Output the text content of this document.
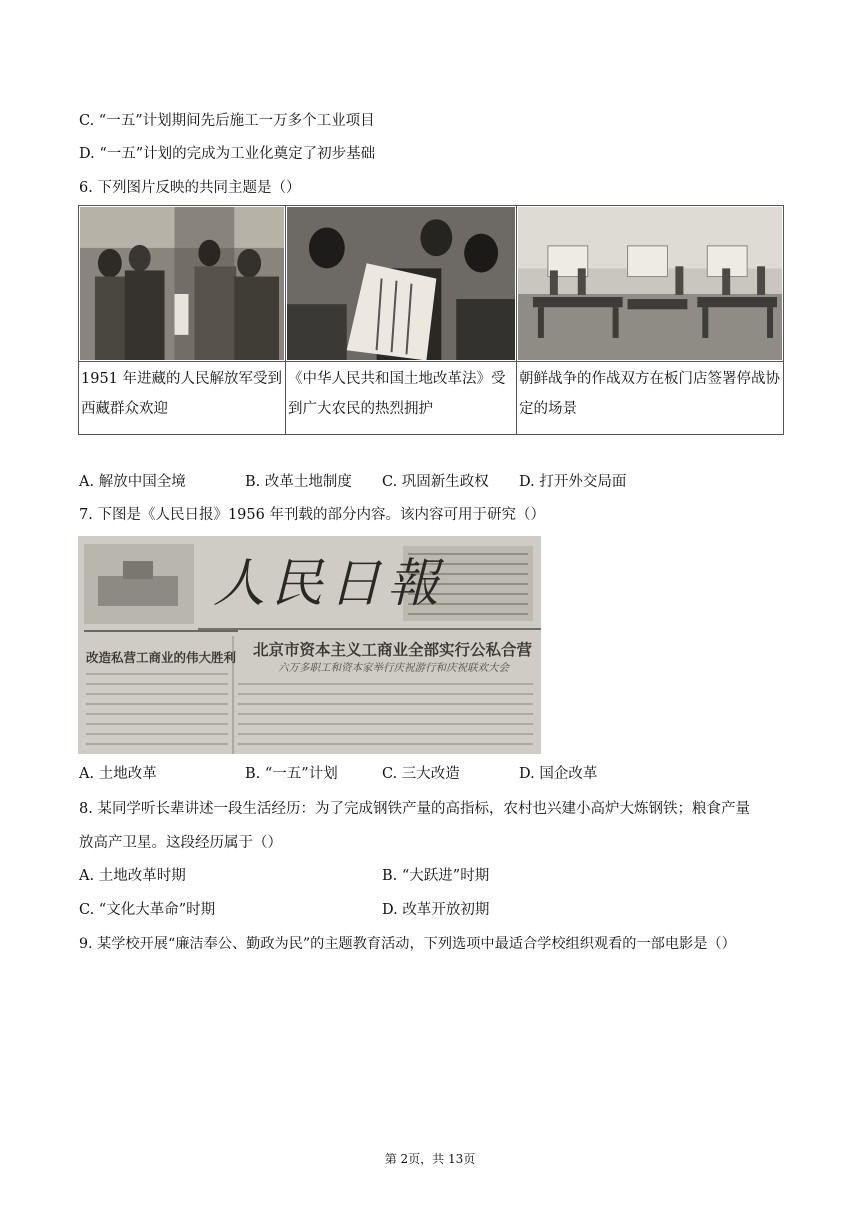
C. “一五”计划期间先后施工一万多个工业项目
D. “一五”计划的完成为工业化奠定了初步基础
6. 下列图片反映的共同主题是（）

1951 年进藏的人民解放军受到西藏群众欢迎	《中华人民共和国土地改革法》受到广大农民的热烈拥护	朝鲜战争的作战双方在板门店签署停战协定的场景
A. 解放中国全境	B. 改革土地制度 C. 巩固新生政权 D. 打开外交局面
7. 下图是《人民日报》1956 年刊载的部分内容。该内容可用于研究（）
人民日報
北京市资本主义工商业全部实行公私合营
六万多职工和资本家举行庆祝游行和庆祝联欢大会
改造私营工商业的伟大胜利
A. 土地改革	B. “一五”计划	C. 三大改造	D. 国企改革
8. 某同学听长辈讲述一段生活经历：为了完成钢铁产量的高指标，农村也兴建小高炉大炼钢铁；粮食产量
放高产卫星。这段经历属于（）
A. 土地改革时期	B. “大跃进”时期
C. “文化大革命”时期	D. 改革开放初期
9. 某学校开展“廉洁奉公、勤政为民”的主题教育活动，下列选项中最适合学校组织观看的一部电影是（）
第 2页，共 13页
